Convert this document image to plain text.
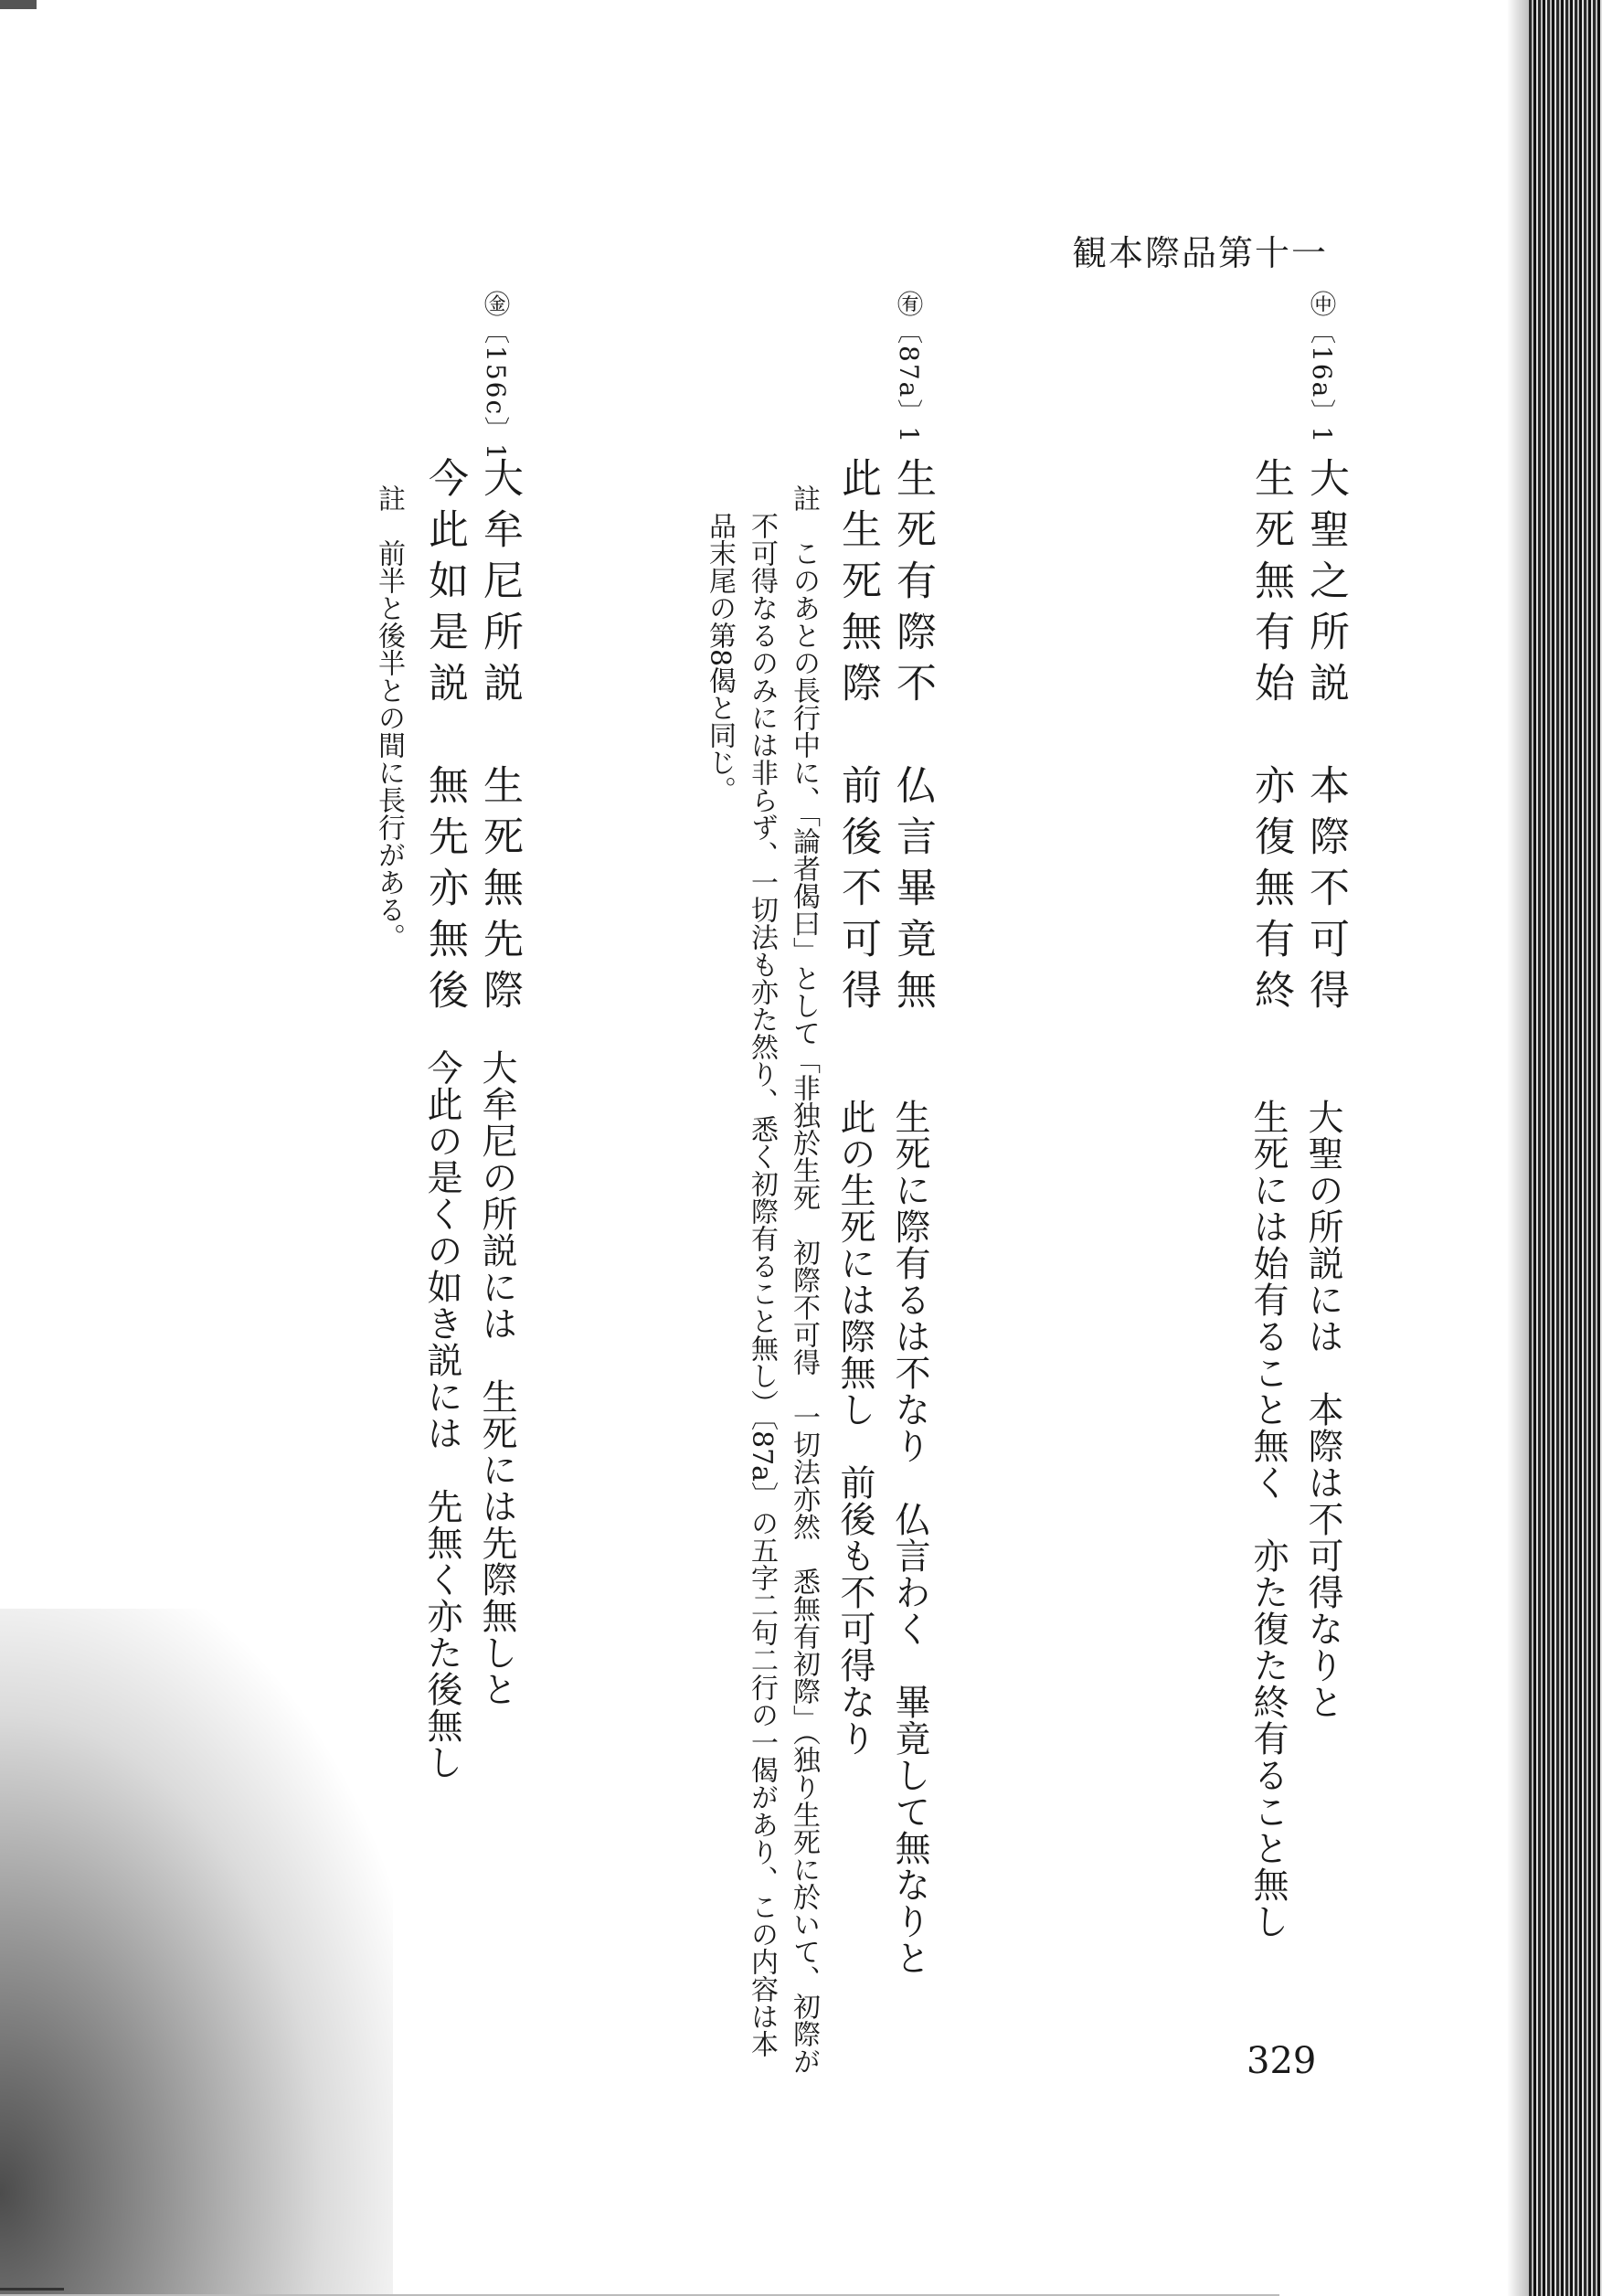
観本際品第十一
㊥〔16a〕1
大聖之所説　本際不可得
生死無有始　亦復無有終
大聖の所説には　本際は不可得なりと
生死には始有ること無く　亦た復た終有ること無し
㊒〔87a〕1
生死有際不　仏言畢竟無
此生死無際　前後不可得
生死に際有るは不なり　仏言わく　畢竟して無なりと
此の生死には際無し　前後も不可得なり
註　このあとの長行中に、「論者偈曰」として「非独於生死　初際不可得　一切法亦然　悉無有初際」（独り生死に於いて、初際が
不可得なるのみには非らず、一切法も亦た然り、悉く初際有ること無し）〔87a〕の五字二句二行の一偈があり、この内容は本
品末尾の第8偈と同じ。
㊎〔156c〕1
大牟尼所説　生死無先際
今此如是説　無先亦無後
大牟尼の所説には　生死には先際無しと
今此の是くの如き説には　先無く亦た後無し
註　前半と後半との間に長行がある。
329
